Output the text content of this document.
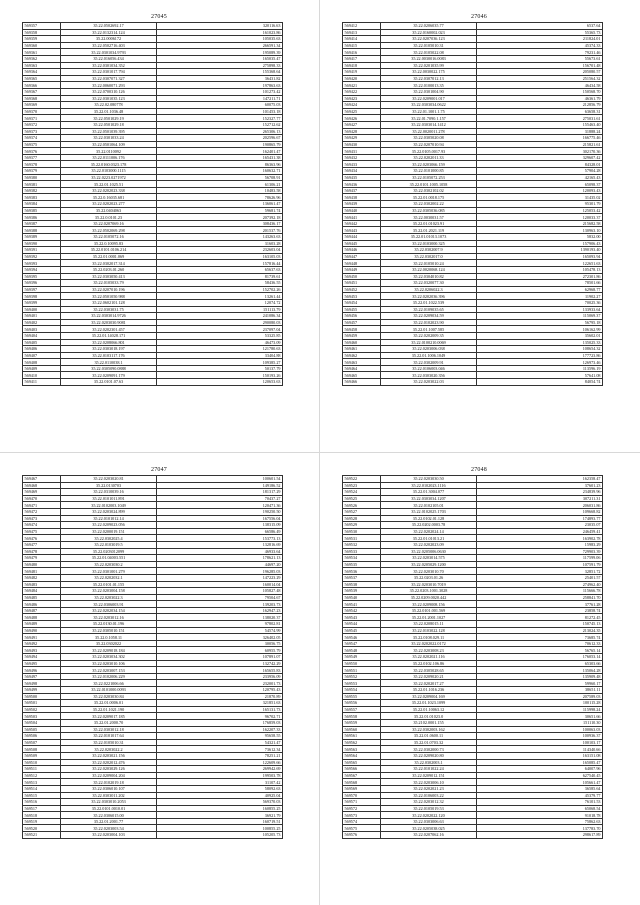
27045
569357	35.22.0502692.17	320116.63
569358	35.22.0132314.124	161023.86
569359	35.22.0006172	105035.63
569360	35.22.0502716.403	266591.34
569361	35.22.0301034.9793	195089.39
569362	35.22.016056.434	165035.47
569363	35.22.0301034.352	275898.33
569364	35.22.0301017.794	155368.64
569365	35.22.0307071.327	36431.82
569366	35.22.0060071.293	197863.63
569367	35.22.0700310.126	101273.42
569368	35.22.0301035.123	147211.71
569369	35.22.02.080778	60075.03
569370	35.22.01.1036.48	101453.18
569371	35.22.0501029.19	152327.77
569372	35.22.0501029.18	152712.62
569373	35.22.0501039.395	265306.13
569374	35.22.0301033.24	202596.67
569375	35.22.0501064.109	190865.79
569376	35.22.0110092	162401.47
569377	35.22.0111006.176	165431.38
569378	35.22.0160.0323.178	86363.96
569379	35.22.0103000.1115	160632.71
569380	35.22.0223.0271972	56708.91
569381	35.22.01.1025.51	61306.21
569382	35.22.0202023.338	10483.58
569383	35.22.0.16035.681	78626.96
569384	35.22.0202023.277	136061.47
569385	35.22.0404063	59681.74
569386	35.22.0.0101.23	207392.18
569387	35.22.0207069.16	308436.17
569388	35.22.0502069.298	201537.76
569389	35.22.0105072.16	143263.63
569390	35.22.0.10095.83	31603.28
569391	35.22.0101.0106.214	232603.04
569392	35.22.01.0001.069	163105.03
569393	35.22.0302017.314	157816.44
569394	35.22.0203.01.260	65637.63
569395	35.22.0303050.413	81739.61
569396	35.22.0105033.79	58436.55
569397	35.22.0207010.196	152702.26
569398	35.22.0501050.988	13261.44
569399	35.22.0602101.128	12074.72
569400	35.22.0303031.75	151113.79
569401	35.22.0303014.9726	241086.34
569402	35.22.0203030.9081	290080.03
569403	35.22.0202301.457	237097.04
569404	35.22.01.14028.171	53325.85
569405	35.22.0208066.801	46473.09
569406	35.22.0303018.197	121780.63
569407	35.22.0103117.176	33404.88
569408	35.22.0110038.1	109385.27
569409	35.22.0305090.0888	50137.79
569410	35.22.0209091.179	150193.26
569411	35.22.0101.07.63	120653.63
27046
569412	35.22.0206035.77	6537.64
569413	35.22.0160002.023	55365.73
569414	35.22.0207036.123	211824.01
569415	35.22.0105010.31	45374.33
569416	35.22.0105022.08	79231.46
569417	35.22.0030016.0083	55673.61
569418	35.22.0201035.99	156701.48
569419	35.22.0030022.175	205080.57
569420	35.22.0307012.13	251564.32
569421	35.22.0100013.35	46434.58
569422	35.22.0301004.90	150568.70
569423	35.22.0209001.017	46361.79
569424	35.22.0303034.0622	212856.79
569425	35.22.01.1001.1.75	63658.31
569426	35.22.01.7090.1.157	275031.61
569427	35.22.0303014.1412	155463.40
569428	35.22.0020011.278	31888.24
569429	35.22.0305020.08	166775.46
569430	35.22.0207010.94	215821.61
569431	35.22.0105.0017.93	302170.36
569432	35.22.0202011.33	329607.42
569433	35.22.0203066.159	84328.01
569434	35.22.0101000.85	57904.28
569435	35.22.0105072.253	42165.43
569436	35.22.0101.1005.1058	65098.37
569437	35.22.0302102.02	120093.43
569438	35.22.01.0018.175	31435.02
569439	35.22.0302002.22	95301.79
569440	35.22.0305036.085	125053.42
569441	35.22.0030031.57	120033.37
569442	35.22.01.01023.91	215682.58
569443	35.22.01.2021.119	130963.10
569444	35.22.01.01013.1073	5832.00
569445	35.22.0103000.325	157906.43
569446	35.22.0302007.9	1390193.40
569447	35.22.0302017.0	165093.94
569448	35.22.0105010.24	122651.63
569449	35.22.0020068.124	105478.13
569450	35.22.0304010.82	272301.86
569451	35.22.0320077.30	78501.66
569452	35.22.0206022.3	62968.77
569453	35.22.0202036.396	11902.27
569454	35.22.01.1022.539	70025.36
569455	35.22.0109035.65	133933.64
569456	35.22.0209034.59	115069.37
569457	35.22.0102023.90	56795.18
569458	35.22.01.1007.585	106162.99
569459	35.22.0202009.35	35602.01
569460	35.22.0100210.0069	135025.33
569461	35.22.0203006.038	108654.32
569462	35.22.01.1006.1049	177723.86
569463	35.22.0302009.91	126973.46
569464	35.22.0106003.046	113596.19
569465	35.22.0303020.356	57641.08
569466	35.22.0203022.03	84054.74
27047
569467	35.22.0203020.81	100601.54
569468	35.22.0130703	149186.52
569469	35.22.0310039.16	181317.29
569470	35.22.0101011.891	70437.27
569471	35.22.0102003.1049	120471.36
569472	35.22.0203024.899	190250.50
569473	35.22.0101012.14	167556.04
569474	35.22.0209023.056	138315.09
569475	35.22.0200019.151	66586.49
569476	35.22.0302025.4	153773.13
569477	35.22.0103019.5	132816.69
569478	35.22.0203012099	46933.64
569479	35.22.01.04003.551	178621.13
569480	35.22.0203030.2	44697.20
569481	35.22.0301001.279	196285.03
569482	35.22.0202032.1	147223.29
569483	35.22.0101.01.155	160014.04
569484	35.22.0203004.158	105827.48
569485	35.22.0203022.3	79504.67
569486	35.22.0306003.91	139203.73
569487	35.22.0202034.154	162947.23
569488	35.22.0203012.16	138020.37
569489	35.22.0130.01.196	97802.81
569490	35.22.0305010.151	54574.99
569491	35.22.0.1058.11	326402.05
569492	35.22.0302022	30056.75
569493	35.22.0209018.184	60955.79
569494	35.22.0203034.302	107891.07
569495	35.22.0203010.106	132742.29
569496	35.22.0203007.153	165655.83
569497	35.22.0102006.229	233956.09
569498	35.22.0221006.66	232001.73
569499	35.22.0101000.0093	120795.43
569500	35.22.0203030.84	21870.89
569501	35.22.01.0006.01	321851.63
569502	35.22.01.1021.190	165131.73
569503	35.22.0209017.185	96702.71
569504	35.22.01.2000.70	176859.03
569505	35.22.0303012.18	162207.33
569506	35.22.0101017.64	95658.55
569507	35.22.0105010.31	54321.47
569508	35.22.0203022.2	73612.34
569509	35.22.0203021.156	78251.21
569510	35.22.0202012.476	122609.66
569511	35.22.0203029.126	269942.69
569512	35.22.0209004.204	199503.78
569513	35.22.0102019.18	31107.42
569514	35.22.0306010.107	58092.63
569515	35.22.0303011.202	40925.04
569516	35.22.0303010.2053	569370.03
569517	35.22.0101.0010.01	160855.25
569518	35.22.0306015.00	36921.79
569519	35.22.01.2001.77	160719.51
569520	35.22.0203003.54	100855.25
569521	35.22.0203004.103	105205.73
27048
569522	35.22.0203030.50	162358.47
569523	35.22.0102023.1116	37601.23
569524	35.22.01.3004.077	234839.96
569525	35.22.0303034.1207	307211.31
569526	35.22.0102105.01	206031.86
569527	35.22.0102025.1703	109668.82
569528	35.22.0102.01.128	174893.77
569529	35.22.0202.0003.78	23035.07
569530	35.22.0202024.14	246459.41
569531	35.22.01.01013.21	163902.78
569532	35.22.0202023.09	15983.29
569533	35.22.0205006.0630	729903.39
569534	35.22.0203014.575	117599.06
569535	35.22.0205029.1200	107591.79
569536	35.22.0203010.70	32851.72
569537	35.22.0203.01.26	25401.57
569538	35.22.0203010.7019	274962.40
569539	35.22.0203.1001.3028	115666.78
569540	35.22.0209.0020.442	258841.70
569541	35.22.0209008.156	37761.28
569542	35.22.0101.001.569	23858.74
569543	35.22.01.2001.1027	81272.45
569544	35.22.0208015.11	150745.13
569545	35.22.0103022.128	213024.35
569546	35.22.0108.029.11	73685.74
569547	35.22.0202022.0172	70612.33
569548	35.22.0203008.23	56765.14
569549	35.22.0202021.116	176053.14
569550	35.22.0102.106.86	65303.66
569551	35.22.0305028.65	135064.28
569552	35.22.0209020.21	135909.48
569553	35.22.0202017.27	59960.17
569554	35.22.01.1016.236	38651.11
569555	35.22.0209004.169	207589.03
569556	35.22.01.1023.1099	100115.28
569557	35.22.01.10063.12	115998.24
569558	35.22.01.01023.0	30651.66
569559	35.2102.0001.155	151110.30
569560	35.22.0302003.162	100063.03
569561	35.22.01.0600.11	100936.37
569562	35.22.01.0703.32	100103.17
569563	35.22.0302000.73	114340.66
569564	35.22.0209020.80	163151.08
569565	35.22.0302003.1	165085.47
569566	35.22.0101022.24	64007.96
569567	35.22.0209012.151	627540.45
569568	35.22.0203006.10	105661.47
569569	35.22.0202021.23	36585.64
569570	35.22.0106003.22	45379.77
569571	35.22.0203012.32	76101.53
569572	35.22.0105019.53	65068.54
569573	35.22.0202022.120	91018.78
569574	35.22.0303006.63	75862.63
569575	35.22.0205038.025	137783.70
569576	35.22.0207062.16	298617.89
